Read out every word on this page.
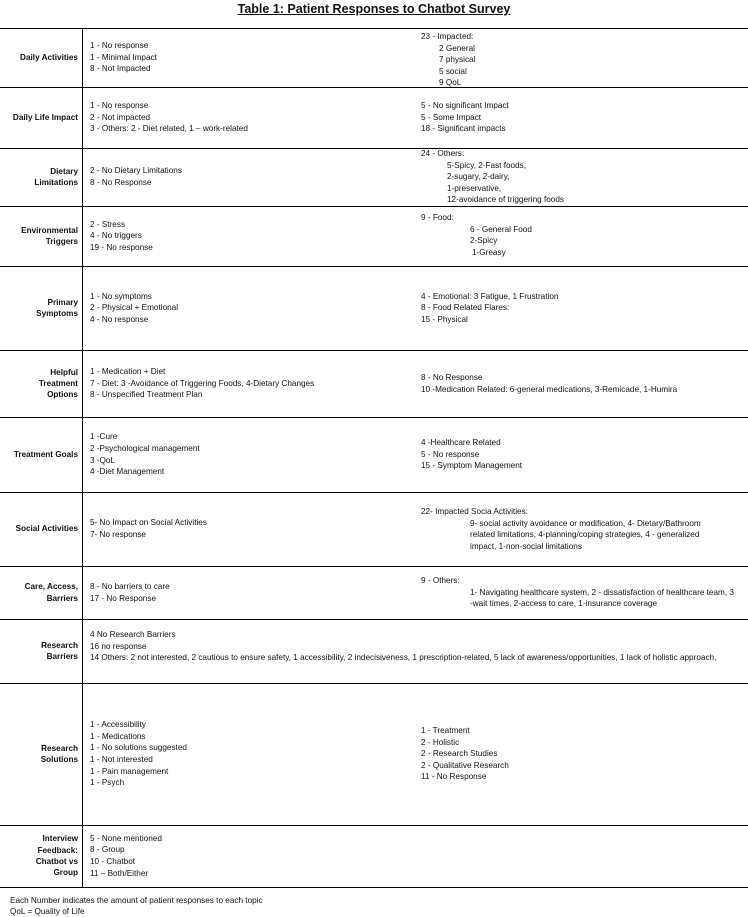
Table 1: Patient Responses to Chatbot Survey
Daily Activities
1 - No response
1 - Minimal Impact
8 - Not Impacted
23 - Impacted:
2 General
7 physical
5 social
9 QoL
Daily Life Impact
1 - No response
2 - Not impacted
3 - Others: 2 - Diet related, 1 – work-related
5 - No significant Impact
5 - Some Impact
18 - Significant impacts
Dietary
Limitations
2 - No Dietary Limitations
8 - No Response
24 - Others:
5-Spicy, 2-Fast foods,
2-sugary, 2-dairy,
1-preservative,
12-avoidance of triggering foods
Environmental
Triggers
2 - Stress
4 - No triggers
19 - No response
9 - Food:
6 - General Food
2-Spicy
1-Greasy
Primary
Symptoms
1 - No symptoms
2 - Physical + Emotional
4 - No response
4 - Emotional: 3 Fatigue, 1 Frustration
8 - Food Related Flares:
15 - Physical
Helpful
Treatment
Options
1 - Medication + Diet
7 - Diet: 3 -Avoidance of Triggering Foods, 4-Dietary Changes
8 - Unspecified Treatment Plan
8 - No Response
10 -Medication Related: 6-general medications, 3-Remicade, 1-Humira
Treatment Goals
1 -Cure
2 -Psychological management
3 -QoL
4 -Diet Management
4 -Healthcare Related
5 - No response
15 - Symptom Management
Social Activities
5- No Impact on Social Activities
7- No response
22- Impacted Socia Activities:
9- social activity avoidance or modification, 4- Dietary/Bathroom related limitations, 4-planning/coping strategies, 4 - generalized impact, 1-non-social limitations
Care, Access,
Barriers
8 - No barriers to care
17 - No Response
9 - Others:
1- Navigating healthcare system, 2 - dissatisfaction of healthcare team, 3 -wait times, 2-access to care, 1-insurance coverage
Research
Barriers
4 No Research Barriers
16 no response
14 Others: 2 not interested, 2 cautious to ensure safety, 1 accessibility, 2 indecisiveness, 1 prescription-related, 5 lack of awareness/opportunities, 1 lack of holistic approach,
Research
Solutions
1 - Accessibility
1 - Medications
1 - No solutions suggested
1 - Not interested
1 - Pain management
1 - Psych
1 - Treatment
2 - Holistic
2 - Research Studies
2 - Qualitative Research
11 - No Response
Interview
Feedback:
Chatbot vs
Group
5 - None mentioned
8 - Group
10 - Chatbot
11 – Both/Either
Each Number indicates the amount of patient responses to each topic
QoL = Quality of Life
